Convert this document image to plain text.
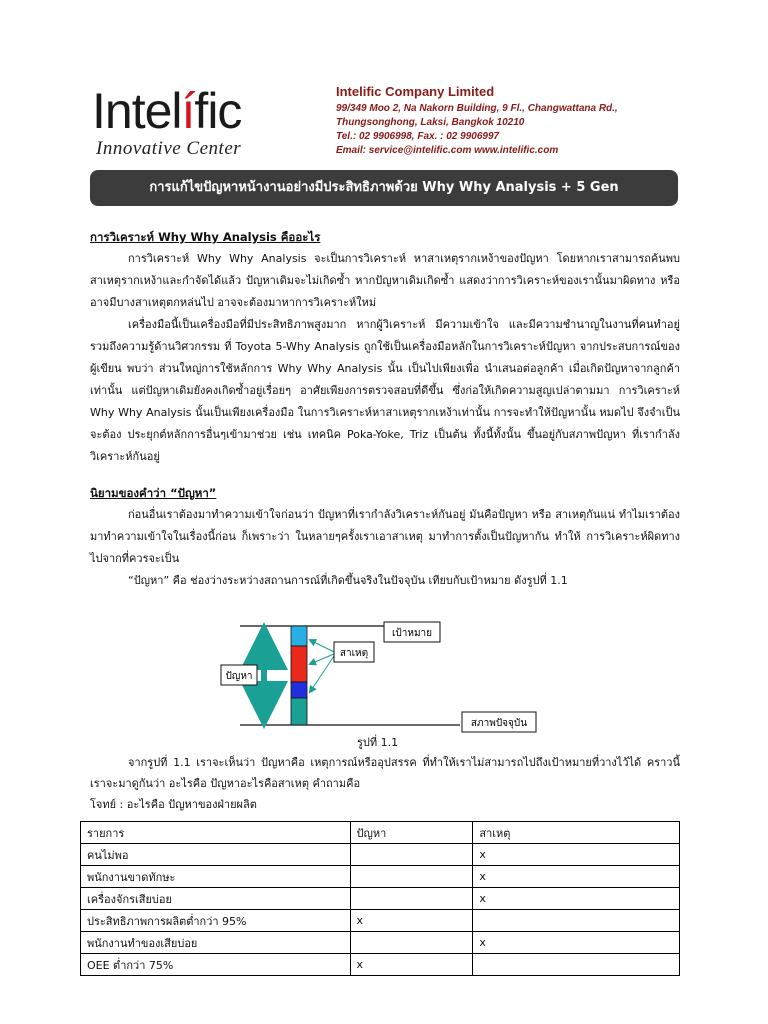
Intelífic
Innovative Center
Intelific Company Limited
99/349 Moo 2, Na Nakorn Building, 9 Fl., Changwattana Rd.,
Thungsonghong, Laksi, Bangkok 10210
Tel.: 02 9906998, Fax. : 02 9906997
Email: service@intelific.com www.intelific.com
การแก้ไขปัญหาหน้างานอย่างมีประสิทธิภาพด้วย Why Why Analysis + 5 Gen
การวิเคราะห์ Why Why Analysis คืออะไร

การวิเคราะห์ Why Why Analysis จะเป็นการวิเคราะห์ หาสาเหตุรากเหง้าของปัญหา โดยหากเราสามารถค้นพบสาเหตุรากเหง้าและกำจัดได้แล้ว ปัญหาเดิมจะไม่เกิดซ้ำ หากปัญหาเดิมเกิดซ้ำ แสดงว่าการวิเคราะห์ของเรานั้นมาผิดทาง หรือ อาจมีบางสาเหตุตกหล่นไป อาจจะต้องมาหาการวิเคราะห์ใหม่

เครื่องมือนี้เป็นเครื่องมือที่มีประสิทธิภาพสูงมาก หากผู้วิเคราะห์ มีความเข้าใจ และมีความชำนาญในงานที่คนทำอยู่ รวมถึงความรู้ด้านวิศวกรรม ที่ Toyota 5-Why Analysis ถูกใช้เป็นเครื่องมือหลักในการวิเคราะห์ปัญหา จากประสบการณ์ของผู้เขียน พบว่า ส่วนใหญ่การใช้หลักการ Why Why Analysis นั้น เป็นไปเพียงเพื่อ นำเสนอต่อลูกค้า เมื่อเกิดปัญหาจากลูกค้า เท่านั้น แต่ปัญหาเดิมยังคงเกิดซ้ำอยู่เรื่อยๆ อาศัยเพียงการตรวจสอบที่ดีขึ้น ซึ่งก่อให้เกิดความสูญเปล่าตามมา การวิเคราะห์ Why Why Analysis นั้นเป็นเพียงเครื่องมือ ในการวิเคราะห์หาสาเหตุรากเหง้าเท่านั้น การจะทำให้ปัญหานั้น หมดไป จึงจำเป็นจะต้อง ประยุกต์หลักการอื่นๆเข้ามาช่วย เช่น เทคนิค Poka-Yoke, Triz เป็นต้น ทั้งนี้ทั้งนั้น ขึ้นอยู่กับสภาพปัญหา ที่เรากำลังวิเคราะห์กันอยู่

นิยามของคำว่า “ปัญหา”

ก่อนอื่นเราต้องมาทำความเข้าใจก่อนว่า ปัญหาที่เรากำลังวิเคราะห์กันอยู่ มันคือปัญหา หรือ สาเหตุกันแน่ ทำไมเราต้องมาทำความเข้าใจในเรื่องนี้ก่อน ก็เพราะว่า ในหลายๆครั้งเราเอาสาเหตุ มาทำการตั้งเป็นปัญหากัน ทำให้ การวิเคราะห์ผิดทางไปจากที่ควรจะเป็น

“ปัญหา” คือ ช่องว่างระหว่างสถานการณ์ที่เกิดขึ้นจริงในปัจจุบัน เทียบกับเป้าหมาย ดังรูปที่ 1.1

เป้าหมาย
สาเหตุ
ปัญหา
สภาพปัจจุบัน
รูปที่ 1.1

จากรูปที่ 1.1 เราจะเห็นว่า ปัญหาคือ เหตุการณ์หรืออุปสรรค ที่ทำให้เราไม่สามารถไปถึงเป้าหมายที่วางไว้ได้ คราวนี้เราจะมาดูกันว่า อะไรคือ ปัญหาอะไรคือสาเหตุ คำถามคือ

โจทย์ : อะไรคือ ปัญหาของฝ่ายผลิต
รายการ	ปัญหา	สาเหตุ
คนไม่พอ		x
พนักงานขาดทักษะ		x
เครื่องจักรเสียบ่อย		x
ประสิทธิภาพการผลิตต่ำกว่า 95%	x	
พนักงานทำของเสียบ่อย		x
OEE ต่ำกว่า 75%	x	
